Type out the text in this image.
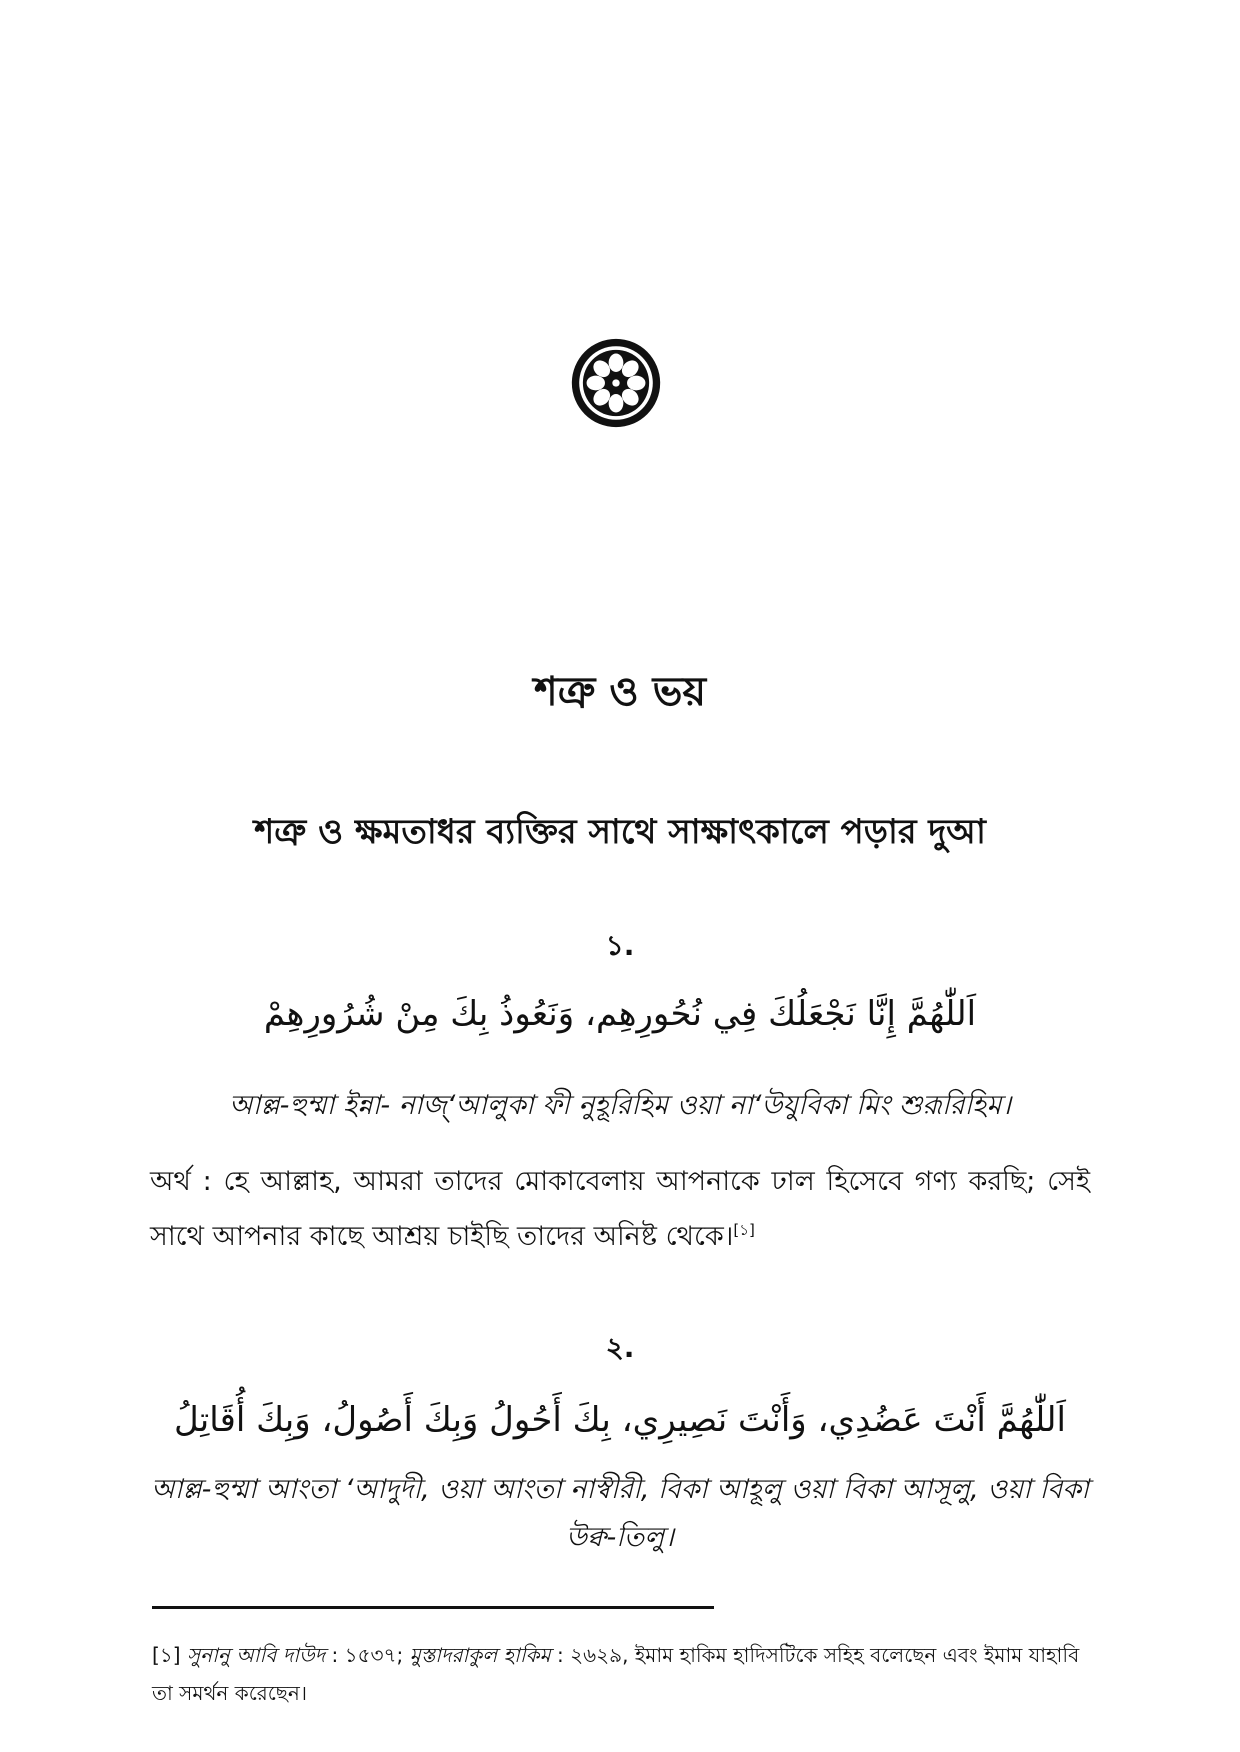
শত্রু ও ভয়
শত্রু ও ক্ষমতাধর ব্যক্তির সাথে সাক্ষাৎকালে পড়ার দুআ
১.
اَللّٰهُمَّ إِنَّا نَجْعَلُكَ فِي نُحُورِهِم، وَنَعُوذُ بِكَ مِنْ شُرُورِهِمْ
আল্ল-হুম্মা ইন্না- নাজ্‘আলুকা ফী নুহূরিহিম ওয়া না‘উযুবিকা মিং শুরূরিহিম।
অর্থ : হে আল্লাহ, আমরা তাদের মোকাবেলায় আপনাকে ঢাল হিসেবে গণ্য করছি; সেই সাথে আপনার কাছে আশ্রয় চাইছি তাদের অনিষ্ট থেকে।[১]
২.
اَللّٰهُمَّ أَنْتَ عَضُدِي، وَأَنْتَ نَصِيرِي، بِكَ أَحُولُ وَبِكَ أَصُولُ، وَبِكَ أُقَاتِلُ
আল্ল-হুম্মা আংতা ‘আদুদী, ওয়া আংতা নাস্বীরী, বিকা আহূলু ওয়া বিকা আসূলু, ওয়া বিকা উক্ব-তিলু।
[১] সুনানু আবি দাউদ : ১৫৩৭; মুস্তাদরাকুল হাকিম : ২৬২৯, ইমাম হাকিম হাদিসটিকে সহিহ বলেছেন এবং ইমাম যাহাবি তা সমর্থন করেছেন।
